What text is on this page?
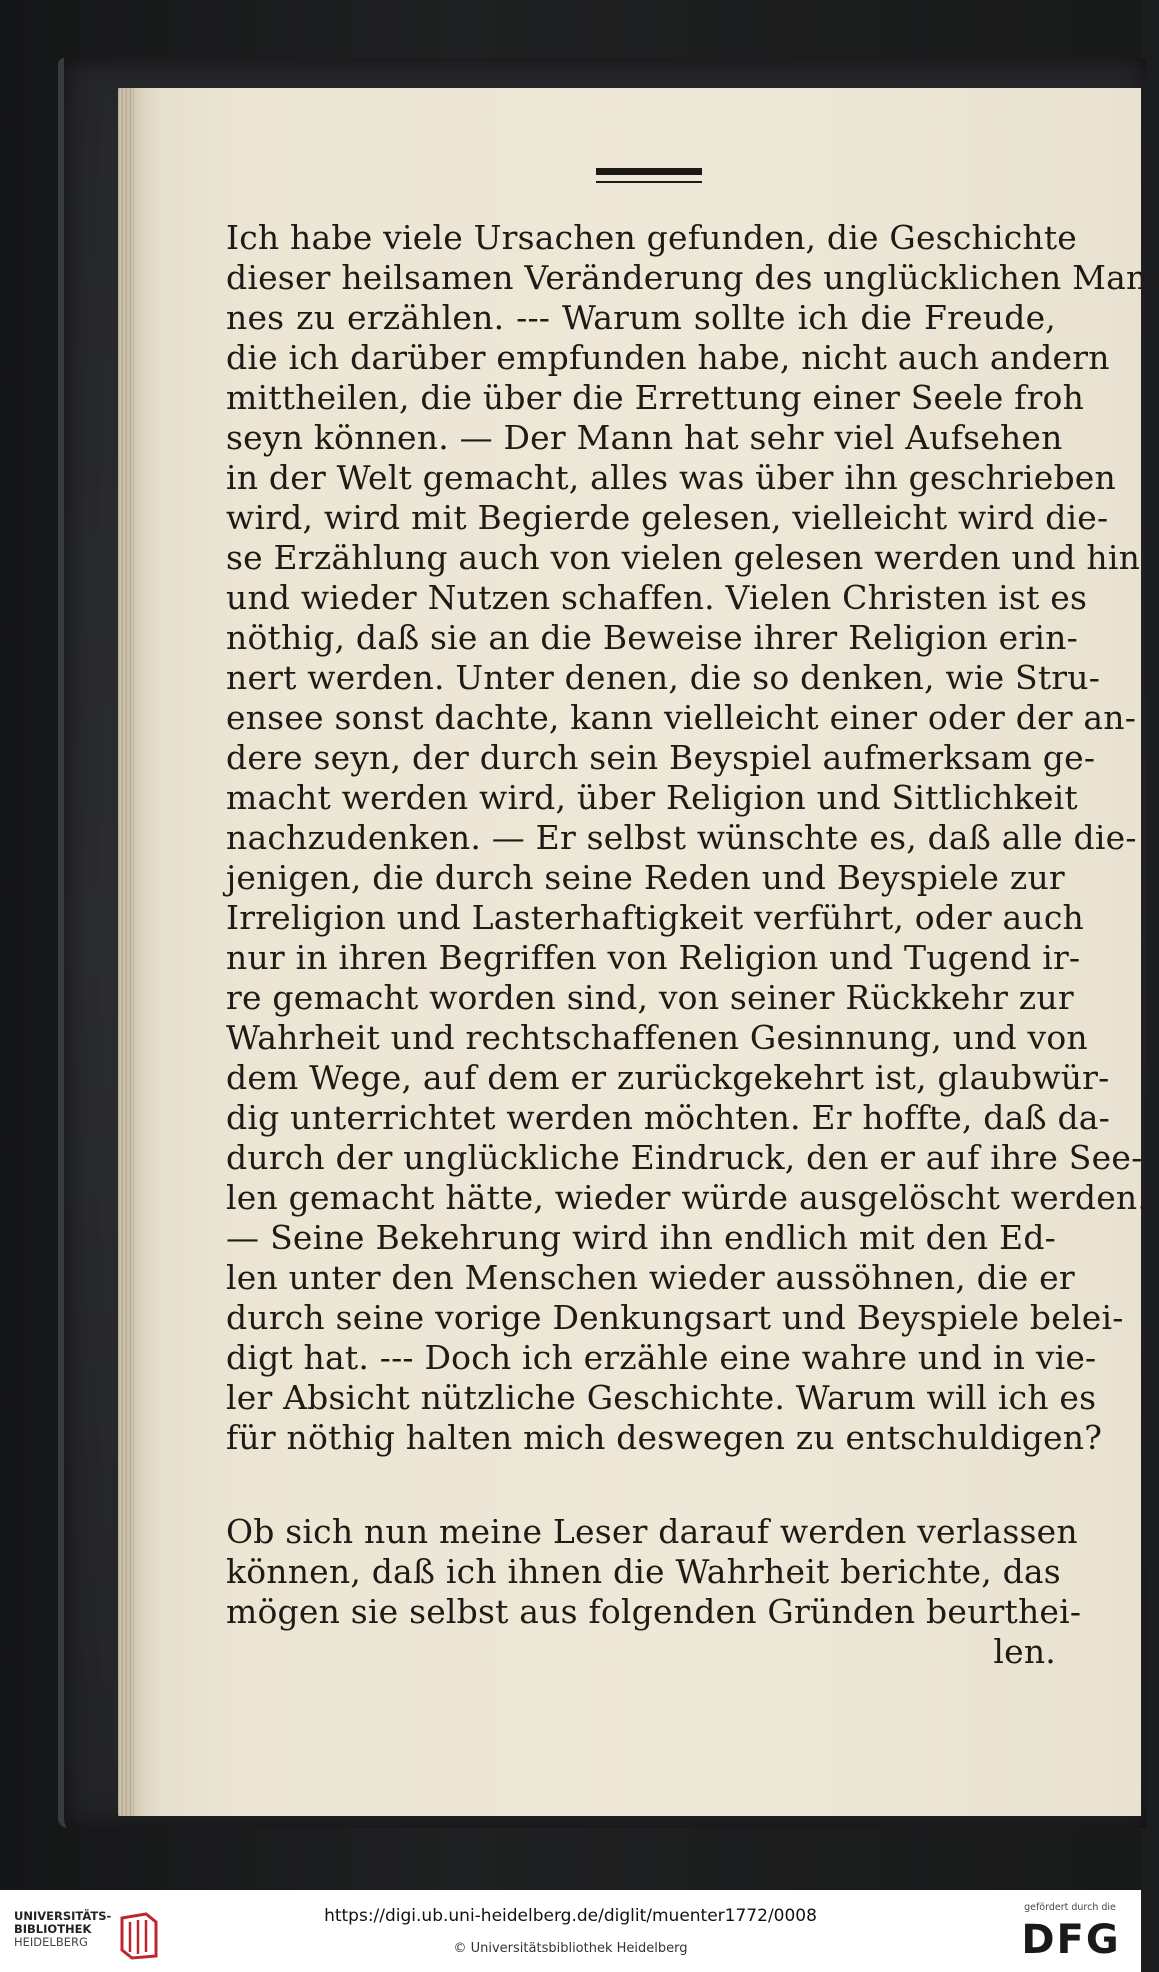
Ich habe viele Ursachen gefunden, die Geschichte
dieser heilsamen Veränderung des unglücklichen Man-
nes zu erzählen. --- Warum sollte ich die Freude,
die ich darüber empfunden habe, nicht auch andern
mittheilen, die über die Errettung einer Seele froh
seyn können. — Der Mann hat sehr viel Aufsehen
in der Welt gemacht, alles was über ihn geschrieben
wird, wird mit Begierde gelesen, vielleicht wird die-
se Erzählung auch von vielen gelesen werden und hin
und wieder Nutzen schaffen. Vielen Christen ist es
nöthig, daß sie an die Beweise ihrer Religion erin-
nert werden. Unter denen, die so denken, wie Stru-
ensee sonst dachte, kann vielleicht einer oder der an-
dere seyn, der durch sein Beyspiel aufmerksam ge-
macht werden wird, über Religion und Sittlichkeit
nachzudenken. — Er selbst wünschte es, daß alle die-
jenigen, die durch seine Reden und Beyspiele zur
Irreligion und Lasterhaftigkeit verführt, oder auch
nur in ihren Begriffen von Religion und Tugend ir-
re gemacht worden sind, von seiner Rückkehr zur
Wahrheit und rechtschaffenen Gesinnung, und von
dem Wege, auf dem er zurückgekehrt ist, glaubwür-
dig unterrichtet werden möchten. Er hoffte, daß da-
durch der unglückliche Eindruck, den er auf ihre See-
len gemacht hätte, wieder würde ausgelöscht werden.
— Seine Bekehrung wird ihn endlich mit den Ed-
len unter den Menschen wieder aussöhnen, die er
durch seine vorige Denkungsart und Beyspiele belei-
digt hat. --- Doch ich erzähle eine wahre und in vie-
ler Absicht nützliche Geschichte. Warum will ich es
für nöthig halten mich deswegen zu entschuldigen?
Ob sich nun meine Leser darauf werden verlassen
können, daß ich ihnen die Wahrheit berichte, das
mögen sie selbst aus folgenden Gründen beurthei-
len.
UNIVERSITÄTS-
BIBLIOTHEK
HEIDELBERG
https://digi.ub.uni-heidelberg.de/diglit/muenter1772/0008
© Universitätsbibliothek Heidelberg
gefördert durch die
DFG
